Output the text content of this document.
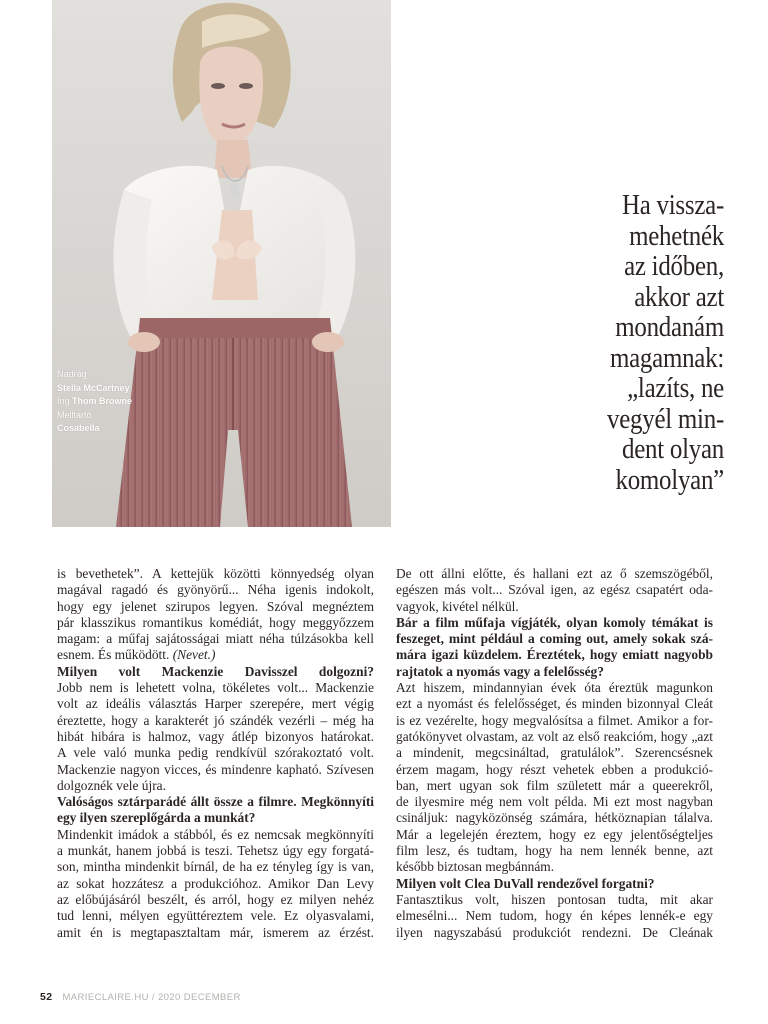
Nadrág
Stella McCartney
Ing Thom Browne
Melltartó
Cosabella
Ha vissza-
mehetnék
az időben,
akkor azt
mondanám
magamnak:
„lazíts, ne
vegyél min-
dent olyan
komolyan”

is bevethetek”. A kettejük közötti könnyedség olyan

magával ragadó és gyönyörű... Néha igenis indokolt,

hogy egy jelenet szirupos legyen. Szóval megnéztem

pár klasszikus romantikus komédiát, hogy meggyőzzem

magam: a műfaj sajátosságai miatt néha túlzásokba kell

esnem. És működött. (Nevet.)

Milyen volt Mackenzie Davisszel dolgozni?

Jobb nem is lehetett volna, tökéletes volt... Mackenzie

volt az ideális választás Harper szerepére, mert végig

éreztette, hogy a karakterét jó szándék vezérli – még ha

hibát hibára is halmoz, vagy átlép bizonyos határokat.

A vele való munka pedig rendkívül szórakoztató volt.

Mackenzie nagyon vicces, és mindenre kapható. Szívesen

dolgoznék vele újra.

Valóságos sztárparádé állt össze a filmre. Megkönnyíti

egy ilyen szereplőgárda a munkát?

Mindenkit imádok a stábból, és ez nemcsak megkönnyíti

a munkát, hanem jobbá is teszi. Tehetsz úgy egy forgatá-

son, mintha mindenkit bírnál, de ha ez tényleg így is van,

az sokat hozzátesz a produkcióhoz. Amikor Dan Levy

az előbújásáról beszélt, és arról, hogy ez milyen nehéz

tud lenni, mélyen együttéreztem vele. Ez olyasvalami,

amit én is megtapasztaltam már, ismerem az érzést.

De ott állni előtte, és hallani ezt az ő szemszögéből,

egészen más volt... Szóval igen, az egész csapatért oda-

vagyok, kivétel nélkül.

Bár a film műfaja vígjáték, olyan komoly témákat is

feszeget, mint például a coming out, amely sokak szá-

mára igazi küzdelem. Éreztétek, hogy emiatt nagyobb

rajtatok a nyomás vagy a felelősség?

Azt hiszem, mindannyian évek óta éreztük magunkon

ezt a nyomást és felelősséget, és minden bizonnyal Cleát

is ez vezérelte, hogy megvalósítsa a filmet. Amikor a for-

gatókönyvet olvastam, az volt az első reakcióm, hogy „azt

a mindenit, megcsináltad, gratulálok”. Szerencsésnek

érzem magam, hogy részt vehetek ebben a produkció-

ban, mert ugyan sok film született már a queerekről,

de ilyesmire még nem volt példa. Mi ezt most nagyban

csináljuk: nagyközönség számára, hétköznapian tálalva.

Már a legelején éreztem, hogy ez egy jelentőségteljes

film lesz, és tudtam, hogy ha nem lennék benne, azt

később biztosan megbánnám.

Milyen volt Clea DuVall rendezővel forgatni?

Fantasztikus volt, hiszen pontosan tudta, mit akar

elmesélni... Nem tudom, hogy én képes lennék-e egy

ilyen nagyszabású produkciót rendezni. De Cleának

52 MARIECLAIRE.HU / 2020 DECEMBER
